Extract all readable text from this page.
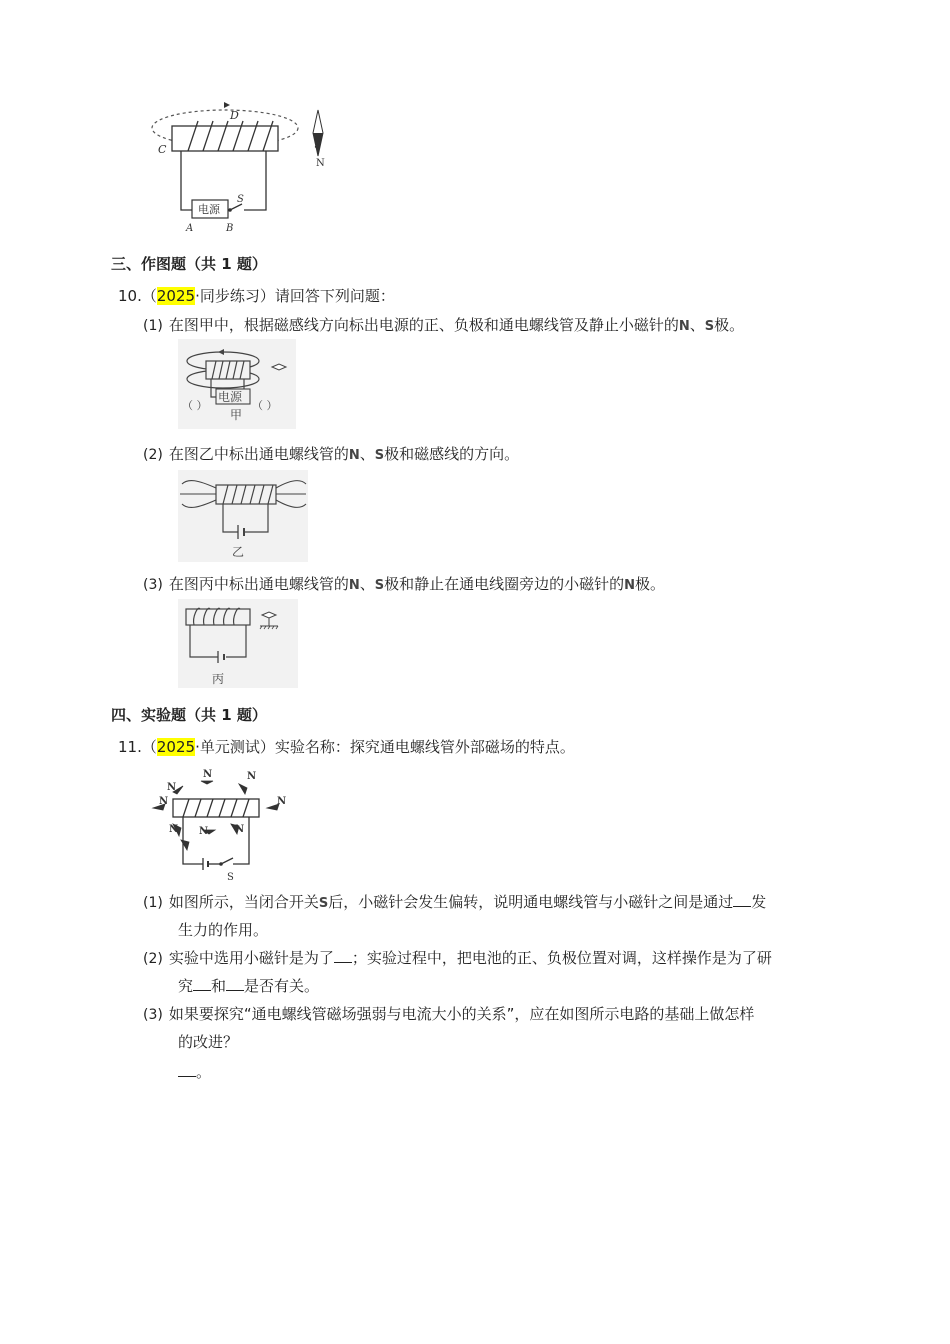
D
C
N
S
S
电源
A	B
三、作图题（共 1 题）
10.（2025·同步练习）请回答下列问题：
(1) 在图甲中，根据磁感线方向标出电源的正、负极和通电螺线管及静止小磁针的N、S极。
电源
（ ）	（ ）
甲
(2) 在图乙中标出通电螺线管的N、S极和磁感线的方向。
乙
(3) 在图丙中标出通电螺线管的N、S极和静止在通电线圈旁边的小磁针的N极。
丙
四、实验题（共 1 题）
11.（2025·单元测试）实验名称：探究通电螺线管外部磁场的特点。
S
N
N	N
N	N
N N	N
(1) 如图所示，当闭合开关S后，小磁针会发生偏转，说明通电螺线管与小磁针之间是通过 发
生力的作用。
(2) 实验中选用小磁针是为了 ；实验过程中，把电池的正、负极位置对调，这样操作是为了研
究 和 是否有关。
(3) 如果要探究“通电螺线管磁场强弱与电流大小的关系”，应在如图所示电路的基础上做怎样
的改进？
。
